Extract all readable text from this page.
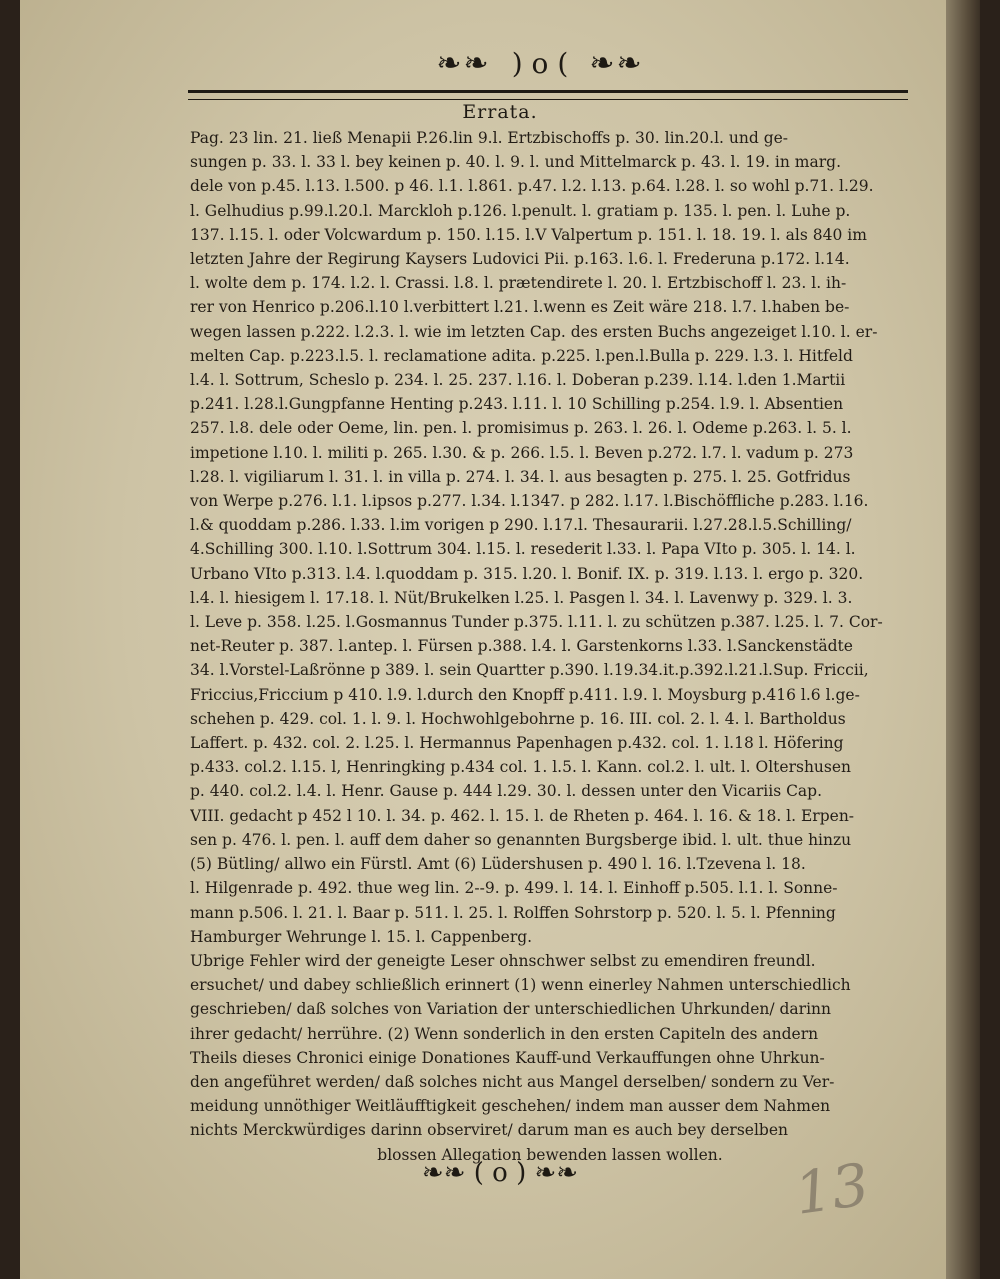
❧❧ ) o ( ❧❧
Errata.
Pag. 23 lin. 21. ließ Menapii P.26.lin 9.l. Ertzbischoffs p. 30. lin.20.l. und ge-
sungen p. 33. l. 33 l. bey keinen p. 40. l. 9. l. und Mittelmarck p. 43. l. 19. in marg.
dele von p.45. l.13. l.500. p 46. l.1. l.861. p.47. l.2. l.13. p.64. l.28. l. so wohl p.71. l.29.
l. Gelhudius p.99.l.20.l. Marckloh p.126. l.penult. l. gratiam p. 135. l. pen. l. Luhe p.
137. l.15. l. oder Volcwardum p. 150. l.15. l.V Valpertum p. 151. l. 18. 19. l. als 840 im
letzten Jahre der Regirung Kaysers Ludovici Pii. p.163. l.6. l. Frederuna p.172. l.14.
l. wolte dem p. 174. l.2. l. Crassi. l.8. l. prætendirete l. 20. l. Ertzbischoff l. 23. l. ih-
rer von Henrico p.206.l.10 l.verbittert l.21. l.wenn es Zeit wäre 218. l.7. l.haben be-
wegen lassen p.222. l.2.3. l. wie im letzten Cap. des ersten Buchs angezeiget l.10. l. er-
melten Cap. p.223.l.5. l. reclamatione adita. p.225. l.pen.l.Bulla p. 229. l.3. l. Hitfeld
l.4. l. Sottrum, Scheslo p. 234. l. 25. 237. l.16. l. Doberan p.239. l.14. l.den 1.Martii
p.241. l.28.l.Gungpfanne Henting p.243. l.11. l. 10 Schilling p.254. l.9. l. Absentien
257. l.8. dele oder Oeme, lin. pen. l. promisimus p. 263. l. 26. l. Odeme p.263. l. 5. l.
impetione l.10. l. militi p. 265. l.30. & p. 266. l.5. l. Beven p.272. l.7. l. vadum p. 273
l.28. l. vigiliarum l. 31. l. in villa p. 274. l. 34. l. aus besagten p. 275. l. 25. Gotfridus
von Werpe p.276. l.1. l.ipsos p.277. l.34. l.1347. p 282. l.17. l.Bischöffliche p.283. l.16.
l.& quoddam p.286. l.33. l.im vorigen p 290. l.17.l. Thesaurarii. l.27.28.l.5.Schilling/
4.Schilling 300. l.10. l.Sottrum 304. l.15. l. resederit l.33. l. Papa VIto p. 305. l. 14. l.
Urbano VIto p.313. l.4. l.quoddam p. 315. l.20. l. Bonif. IX. p. 319. l.13. l. ergo p. 320.
l.4. l. hiesigem l. 17.18. l. Nüt/Brukelken l.25. l. Pasgen l. 34. l. Lavenwy p. 329. l. 3.
l. Leve p. 358. l.25. l.Gosmannus Tunder p.375. l.11. l. zu schützen p.387. l.25. l. 7. Cor-
net-Reuter p. 387. l.antep. l. Fürsen p.388. l.4. l. Garstenkorns l.33. l.Sanckenstädte
34. l.Vorstel-Laßrönne p 389. l. sein Quartter p.390. l.19.34.it.p.392.l.21.l.Sup. Friccii,
Friccius,Friccium p 410. l.9. l.durch den Knopff p.411. l.9. l. Moysburg p.416 l.6 l.ge-
schehen p. 429. col. 1. l. 9. l. Hochwohlgebohrne p. 16. III. col. 2. l. 4. l. Bartholdus
Laffert. p. 432. col. 2. l.25. l. Hermannus Papenhagen p.432. col. 1. l.18 l. Höfering
p.433. col.2. l.15. l, Henringking p.434 col. 1. l.5. l. Kann. col.2. l. ult. l. Oltershusen
p. 440. col.2. l.4. l. Henr. Gause p. 444 l.29. 30. l. dessen unter den Vicariis Cap.
VIII. gedacht p 452 l 10. l. 34. p. 462. l. 15. l. de Rheten p. 464. l. 16. & 18. l. Erpen-
sen p. 476. l. pen. l. auff dem daher so genannten Burgsberge ibid. l. ult. thue hinzu
(5) Bütling/ allwo ein Fürstl. Amt (6) Lüdershusen p. 490 l. 16. l.Tzevena l. 18.
l. Hilgenrade p. 492. thue weg lin. 2--9. p. 499. l. 14. l. Einhoff p.505. l.1. l. Sonne-
mann p.506. l. 21. l. Baar p. 511. l. 25. l. Rolffen Sohrstorp p. 520. l. 5. l. Pfenning
Hamburger Wehrunge l. 15. l. Cappenberg.
Ubrige Fehler wird der geneigte Leser ohnschwer selbst zu emendiren freundl.
ersuchet/ und dabey schließlich erinnert (1) wenn einerley Nahmen unterschiedlich
geschrieben/ daß solches von Variation der unterschiedlichen Uhrkunden/ darinn
ihrer gedacht/ herrühre. (2) Wenn sonderlich in den ersten Capiteln des andern
Theils dieses Chronici einige Donationes Kauff-und Verkauffungen ohne Uhrkun-
den angeführet werden/ daß solches nicht aus Mangel derselben/ sondern zu Ver-
meidung unnöthiger Weitläufftigkeit geschehen/ indem man ausser dem Nahmen
nichts Merckwürdiges darinn observiret/ darum man es auch bey derselben
blossen Allegation bewenden lassen wollen.
❧❧ ( o ) ❧❧	13
